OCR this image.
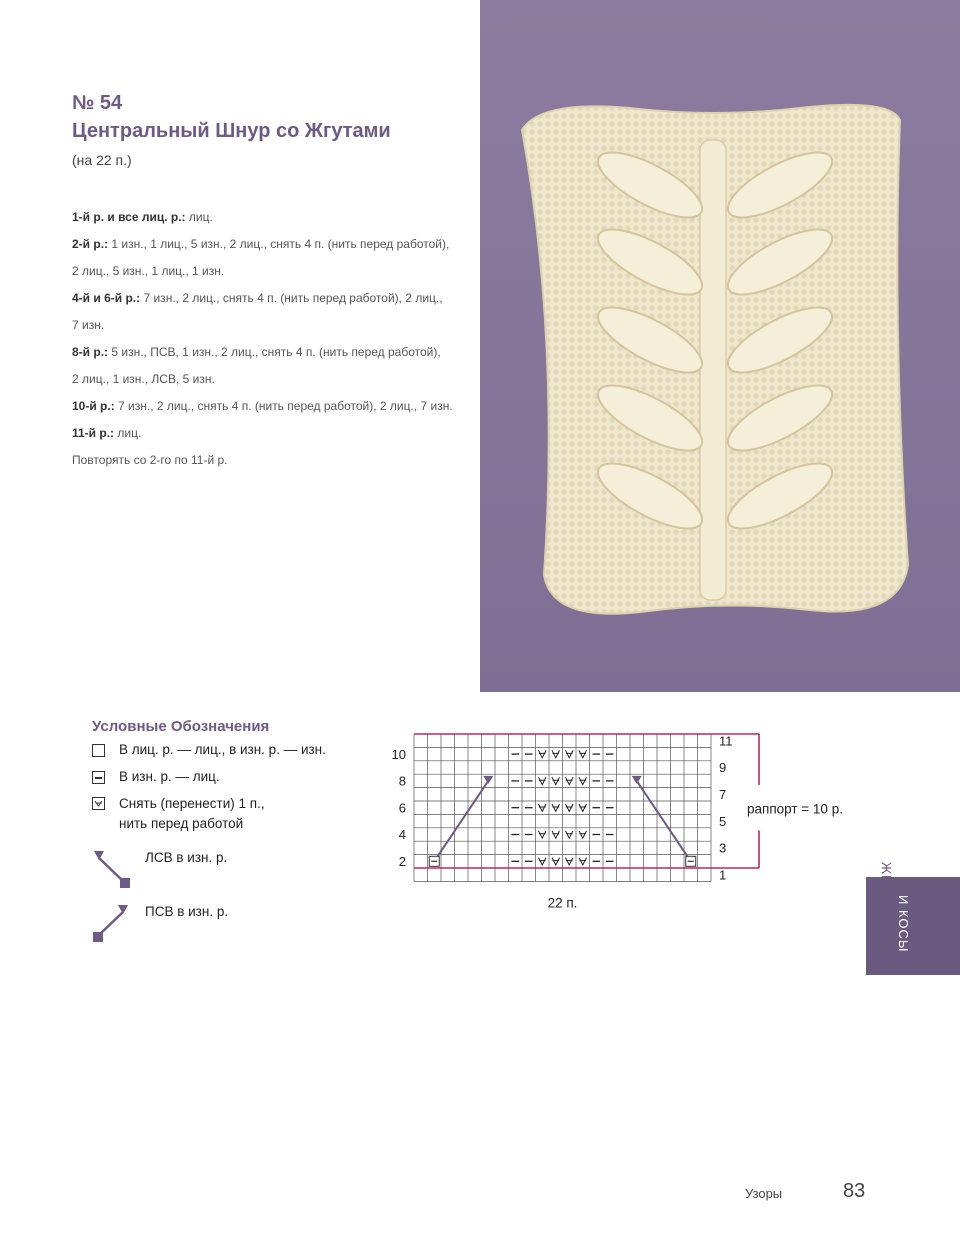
№ 54
Центральный Шнур со Жгутами
(на 22 п.)
1-й р. и все лиц. р.: лиц.
2-й р.: 1 изн., 1 лиц., 5 изн., 2 лиц., снять 4 п. (нить перед работой),
2 лиц., 5 изн., 1 лиц., 1 изн.
4-й и 6-й р.: 7 изн., 2 лиц., снять 4 п. (нить перед работой), 2 лиц.,
7 изн.
8-й р.: 5 изн., ПСВ, 1 изн., 2 лиц., снять 4 п. (нить перед работой),
2 лиц., 1 изн., ЛСВ, 5 изн.
10-й р.: 7 изн., 2 лиц., снять 4 п. (нить перед работой), 2 лиц., 7 изн.
11-й р.: лиц.
Повторять со 2-го по 11-й р.
Условные Обозначения
В лиц. р. — лиц., в изн. р. — изн.
В изн. р. — лиц.
Снять (перенести) 1 п.,
нить перед работой
ЛСВ в изн. р.
ПСВ в изн. р.
10
8
6
4
2
11
9
7
5
3
1
раппорт = 10 р.
22 п.	И КОСЫ
Узоры	83
